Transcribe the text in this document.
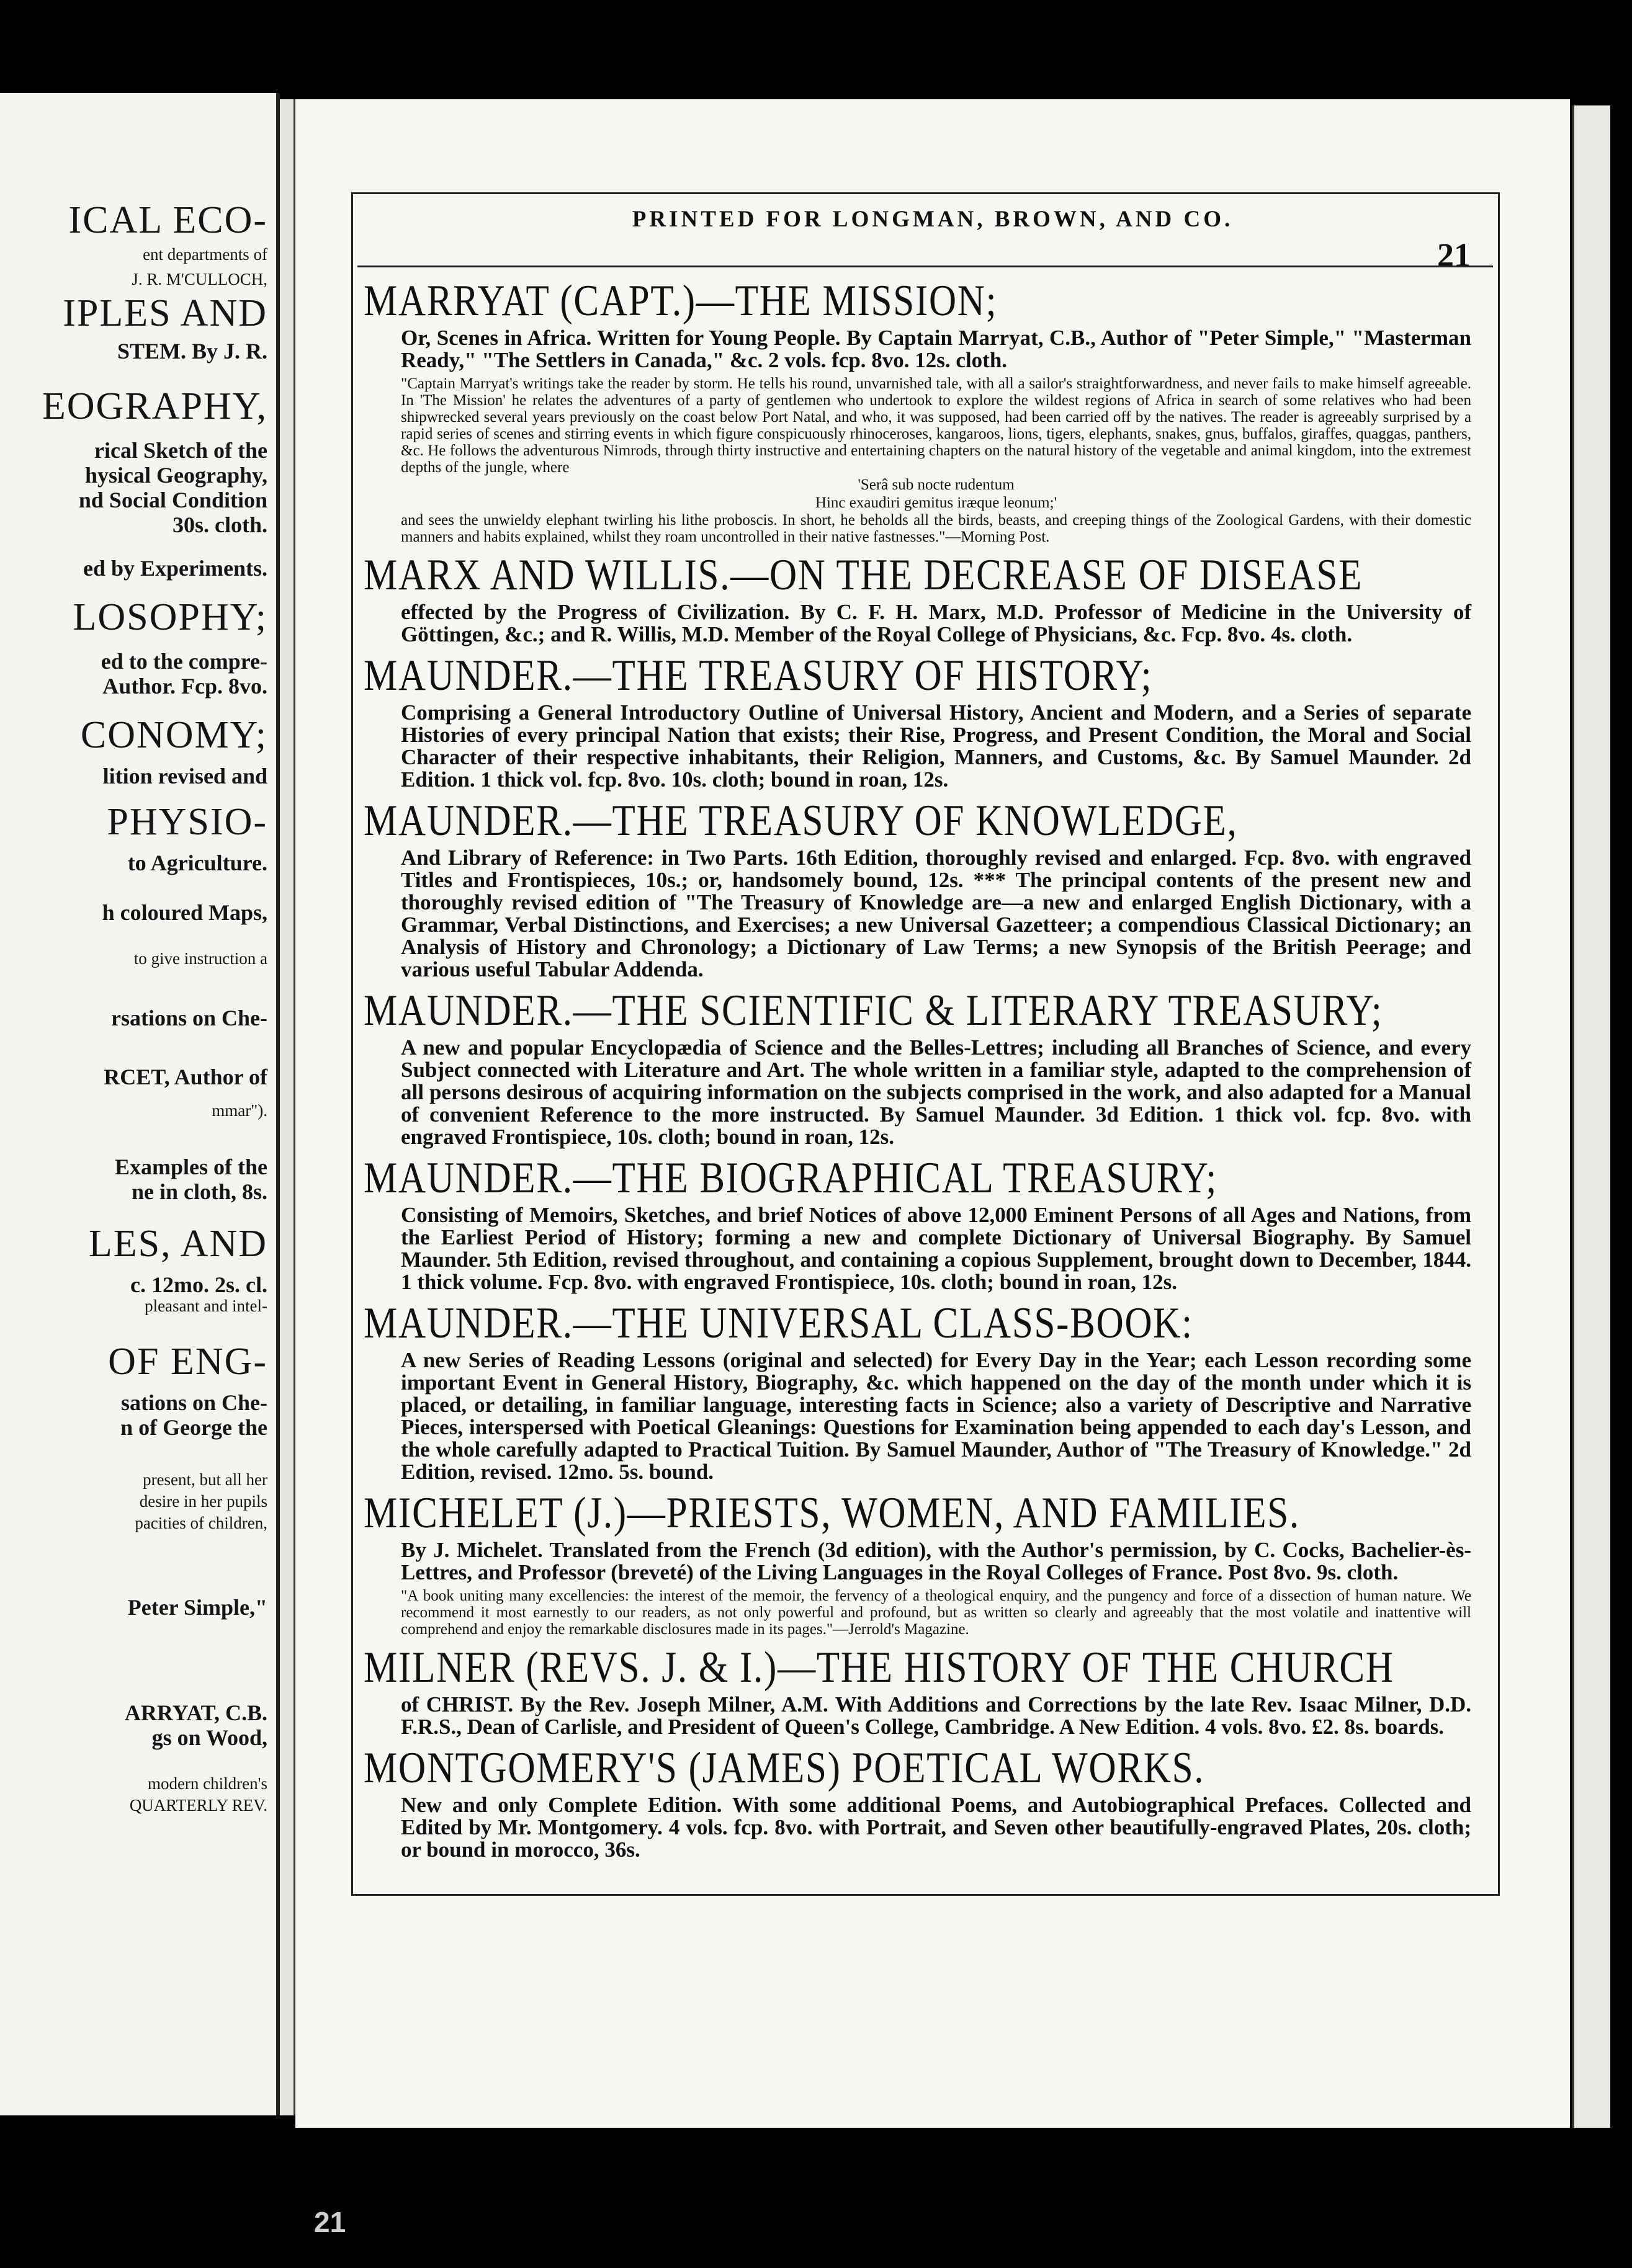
ICAL ECO-
ent departments of
J. R. M'CULLOCH,
IPLES AND
STEM. By J. R.
EOGRAPHY,
rical Sketch of the
hysical Geography,
nd Social Condition
30s. cloth.
ed by Experiments.
LOSOPHY;
ed to the compre-
Author. Fcp. 8vo.
CONOMY;
lition revised and
PHYSIO-
to Agriculture.
h coloured Maps,
to give instruction a
rsations on Che-
RCET, Author of
mmar").
Examples of the
ne in cloth, 8s.
LES, AND
c. 12mo. 2s. cl.
pleasant and intel-
OF ENG-
sations on Che-
n of George the
present, but all her
desire in her pupils
pacities of children,
Peter Simple,"
ARRYAT, C.B.
gs on Wood,
modern children's
QUARTERLY REV.
PRINTED FOR LONGMAN, BROWN, AND CO.
21
MARRYAT (CAPT.)—THE MISSION;
Or, Scenes in Africa. Written for Young People. By Captain Marryat, C.B., Author of "Peter Simple," "Masterman Ready," "The Settlers in Canada," &c. 2 vols. fcp. 8vo. 12s. cloth.
"Captain Marryat's writings take the reader by storm. He tells his round, unvarnished tale, with all a sailor's straightforwardness, and never fails to make himself agreeable. In 'The Mission' he relates the adventures of a party of gentlemen who undertook to explore the wildest regions of Africa in search of some relatives who had been shipwrecked several years previously on the coast below Port Natal, and who, it was supposed, had been carried off by the natives. The reader is agreeably surprised by a rapid series of scenes and stirring events in which figure conspicuously rhinoceroses, kangaroos, lions, tigers, elephants, snakes, gnus, buffalos, giraffes, quaggas, panthers, &c. He follows the adventurous Nimrods, through thirty instructive and entertaining chapters on the natural history of the vegetable and animal kingdom, into the extremest depths of the jungle, where
'Serâ sub nocte rudentum
Hinc exaudiri gemitus iræque leonum;'
and sees the unwieldy elephant twirling his lithe proboscis. In short, he beholds all the birds, beasts, and creeping things of the Zoological Gardens, with their domestic manners and habits explained, whilst they roam uncontrolled in their native fastnesses."—Morning Post.
MARX AND WILLIS.—ON THE DECREASE OF DISEASE
effected by the Progress of Civilization. By C. F. H. Marx, M.D. Professor of Medicine in the University of Göttingen, &c.; and R. Willis, M.D. Member of the Royal College of Physicians, &c. Fcp. 8vo. 4s. cloth.
MAUNDER.—THE TREASURY OF HISTORY;
Comprising a General Introductory Outline of Universal History, Ancient and Modern, and a Series of separate Histories of every principal Nation that exists; their Rise, Progress, and Present Condition, the Moral and Social Character of their respective inhabitants, their Religion, Manners, and Customs, &c. By Samuel Maunder. 2d Edition. 1 thick vol. fcp. 8vo. 10s. cloth; bound in roan, 12s.
MAUNDER.—THE TREASURY OF KNOWLEDGE,
And Library of Reference: in Two Parts. 16th Edition, thoroughly revised and enlarged. Fcp. 8vo. with engraved Titles and Frontispieces, 10s.; or, handsomely bound, 12s. *** The principal contents of the present new and thoroughly revised edition of "The Treasury of Knowledge are—a new and enlarged English Dictionary, with a Grammar, Verbal Distinctions, and Exercises; a new Universal Gazetteer; a compendious Classical Dictionary; an Analysis of History and Chronology; a Dictionary of Law Terms; a new Synopsis of the British Peerage; and various useful Tabular Addenda.
MAUNDER.—THE SCIENTIFIC & LITERARY TREASURY;
A new and popular Encyclopædia of Science and the Belles-Lettres; including all Branches of Science, and every Subject connected with Literature and Art. The whole written in a familiar style, adapted to the comprehension of all persons desirous of acquiring information on the subjects comprised in the work, and also adapted for a Manual of convenient Reference to the more instructed. By Samuel Maunder. 3d Edition. 1 thick vol. fcp. 8vo. with engraved Frontispiece, 10s. cloth; bound in roan, 12s.
MAUNDER.—THE BIOGRAPHICAL TREASURY;
Consisting of Memoirs, Sketches, and brief Notices of above 12,000 Eminent Persons of all Ages and Nations, from the Earliest Period of History; forming a new and complete Dictionary of Universal Biography. By Samuel Maunder. 5th Edition, revised throughout, and containing a copious Supplement, brought down to December, 1844. 1 thick volume. Fcp. 8vo. with engraved Frontispiece, 10s. cloth; bound in roan, 12s.
MAUNDER.—THE UNIVERSAL CLASS-BOOK:
A new Series of Reading Lessons (original and selected) for Every Day in the Year; each Lesson recording some important Event in General History, Biography, &c. which happened on the day of the month under which it is placed, or detailing, in familiar language, interesting facts in Science; also a variety of Descriptive and Narrative Pieces, interspersed with Poetical Gleanings: Questions for Examination being appended to each day's Lesson, and the whole carefully adapted to Practical Tuition. By Samuel Maunder, Author of "The Treasury of Knowledge." 2d Edition, revised. 12mo. 5s. bound.
MICHELET (J.)—PRIESTS, WOMEN, AND FAMILIES.
By J. Michelet. Translated from the French (3d edition), with the Author's permission, by C. Cocks, Bachelier-ès-Lettres, and Professor (breveté) of the Living Languages in the Royal Colleges of France. Post 8vo. 9s. cloth.
"A book uniting many excellencies: the interest of the memoir, the fervency of a theological enquiry, and the pungency and force of a dissection of human nature. We recommend it most earnestly to our readers, as not only powerful and profound, but as written so clearly and agreeably that the most volatile and inattentive will comprehend and enjoy the remarkable disclosures made in its pages."—Jerrold's Magazine.
MILNER (REVS. J. & I.)—THE HISTORY OF THE CHURCH
of CHRIST. By the Rev. Joseph Milner, A.M. With Additions and Corrections by the late Rev. Isaac Milner, D.D. F.R.S., Dean of Carlisle, and President of Queen's College, Cambridge. A New Edition. 4 vols. 8vo. £2. 8s. boards.
MONTGOMERY'S (JAMES) POETICAL WORKS.
New and only Complete Edition. With some additional Poems, and Autobiographical Prefaces. Collected and Edited by Mr. Montgomery. 4 vols. fcp. 8vo. with Portrait, and Seven other beautifully-engraved Plates, 20s. cloth; or bound in morocco, 36s.
21
